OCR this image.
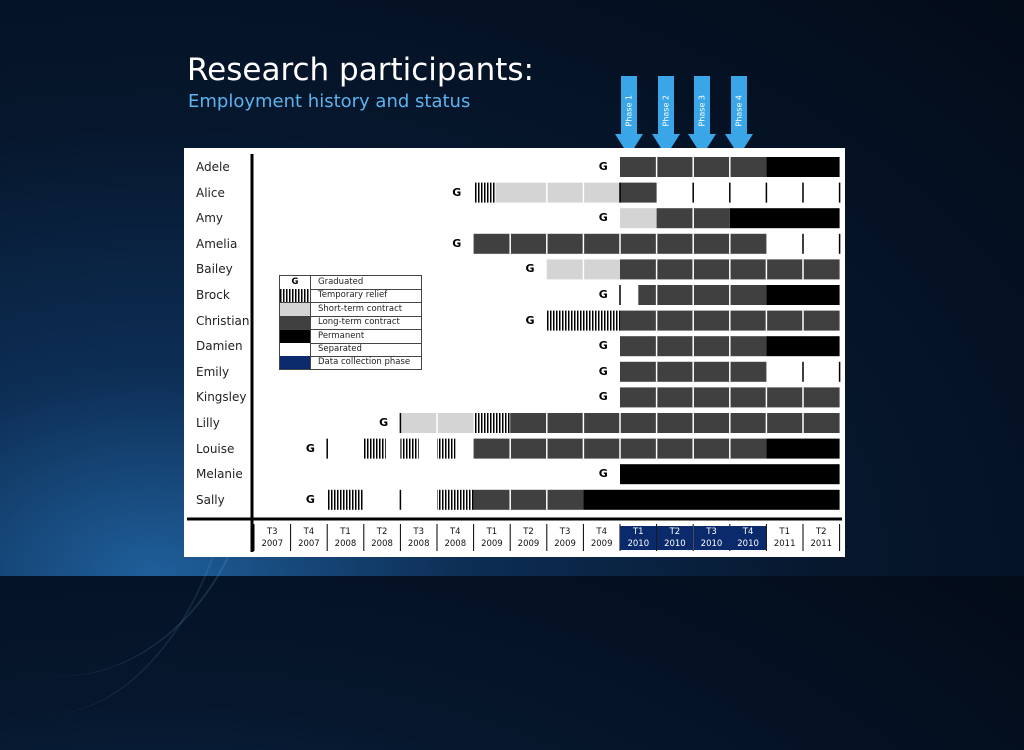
Research participants:
Employment history and status	Phase 1	Phase 2	Phase 3	Phase 4
Adele	G
Alice	G
Amy	G
Amelia	G
Bailey	G
Brock	G
Christian	G
Damien	G
Emily	G
Kingsley	G
Lilly	G
Louise	G
Melanie	G
Sally	G
T3
2007
T4
2007
T1
2008
T2
2008
T3
2008
T4
2008
T1
2009
T2
2009
T3
2009
T4
2009
T1
2010
T2
2010
T3
2010
T4
2010
T1
2011
T2
2011
G	Graduated
Temporary relief
Short-term contract
Long-term contract
Permanent
Separated
Data collection phase
